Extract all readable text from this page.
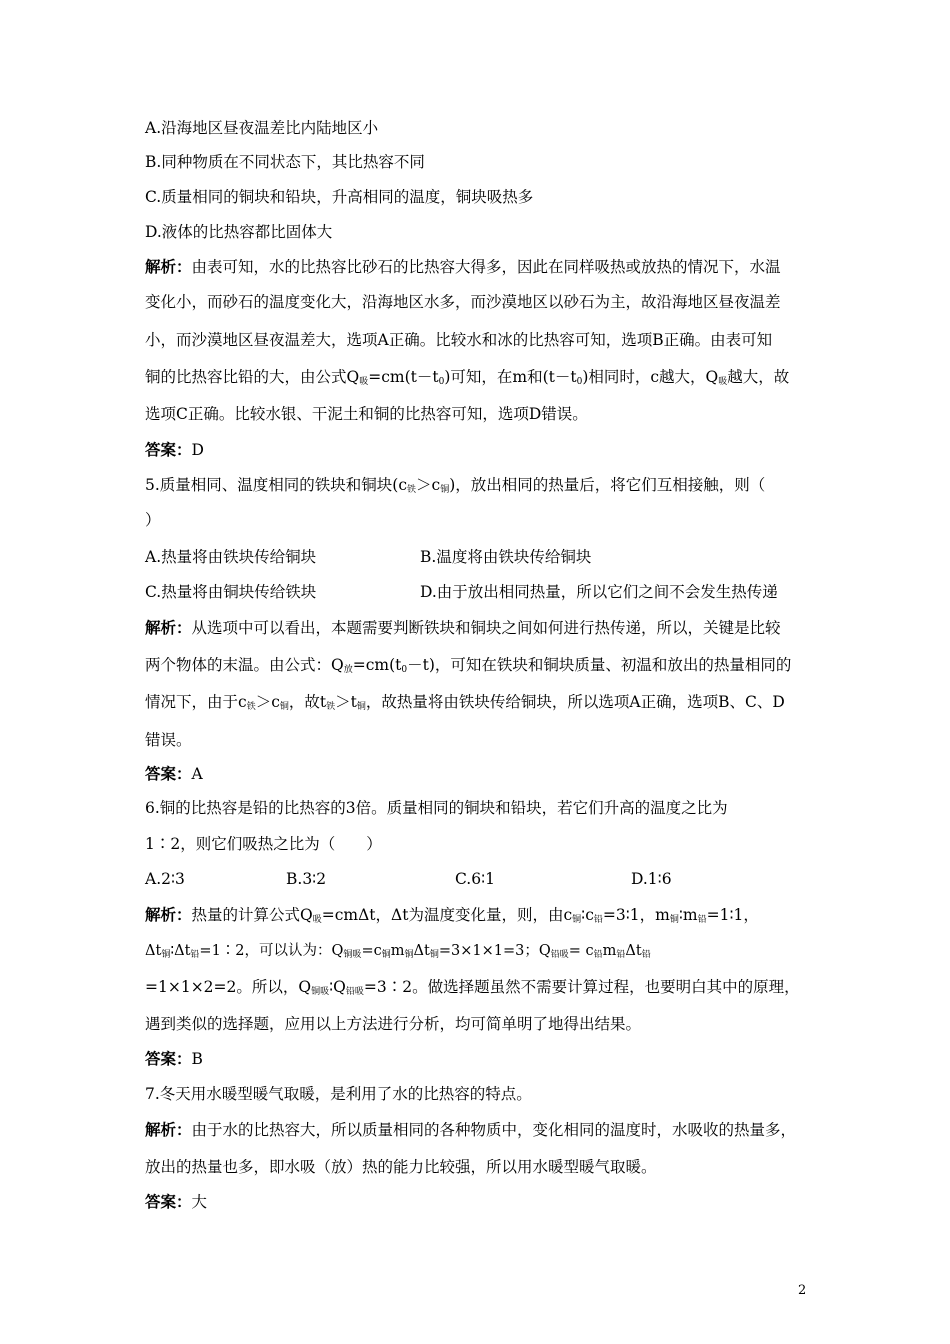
A.沿海地区昼夜温差比内陆地区小
B.同种物质在不同状态下，其比热容不同
C.质量相同的铜块和铅块，升高相同的温度，铜块吸热多
D.液体的比热容都比固体大
解析：由表可知，水的比热容比砂石的比热容大得多，因此在同样吸热或放热的情况下，水温
变化小，而砂石的温度变化大，沿海地区水多，而沙漠地区以砂石为主，故沿海地区昼夜温差
小，而沙漠地区昼夜温差大，选项A正确。比较水和冰的比热容可知，选项B正确。由表可知
铜的比热容比铅的大，由公式$Q_吸=cm(t-t_0)$可知，在m和$(t-t_0)$相同时，c越大，$Q_吸$越大，故
选项C正确。比较水银、干泥土和铜的比热容可知，选项D错误。
答案：D
5.质量相同、温度相同的铁块和铜块$(c_铁>c_铜)$，放出相同的热量后，将它们互相接触，则（
）
A.热量将由铁块传给铜块	B.温度将由铁块传给铜块
C.热量将由铜块传给铁块	D.由于放出相同热量，所以它们之间不会发生热传递
解析：从选项中可以看出，本题需要判断铁块和铜块之间如何进行热传递，所以，关键是比较
两个物体的末温。由公式：$Q_放=cm(t_0-t)$，可知在铁块和铜块质量、初温和放出的热量相同的
情况下，由于$c_铁>c_铜$，故$t_铁>t_铜$，故热量将由铁块传给铜块，所以选项A正确，选项B、C、D
错误。
答案：A
6.铜的比热容是铅的比热容的3倍。质量相同的铜块和铅块，若它们升高的温度之比为
1∶2，则它们吸热之比为（　　）
A.2∶3	B.3∶2	C.6∶1	D.1∶6
解析：热量的计算公式$Q_吸=cm\Delta t$，Δt为温度变化量，则，由$c_铜∶c_铅=3∶1$，$m_铜∶m_铅=1∶1$，
$\Delta t_铜∶\Delta t_铅=1∶2$，可以认为：$Q_{铜吸}=c_铜m_铜\Delta t_铜=3\times 1\times 1=3$；$Q_{铅吸}= c_铅m_铅\Delta t_铅$
=1×1×2=2。所以，$Q_{铜吸}∶Q_{铅吸}=3∶2$。做选择题虽然不需要计算过程，也要明白其中的原理，
遇到类似的选择题，应用以上方法进行分析，均可简单明了地得出结果。
答案：B
7.冬天用水暖型暖气取暖，是利用了水的比热容的特点。
解析：由于水的比热容大，所以质量相同的各种物质中，变化相同的温度时，水吸收的热量多，
放出的热量也多，即水吸（放）热的能力比较强，所以用水暖型暖气取暖。
答案：大
2
